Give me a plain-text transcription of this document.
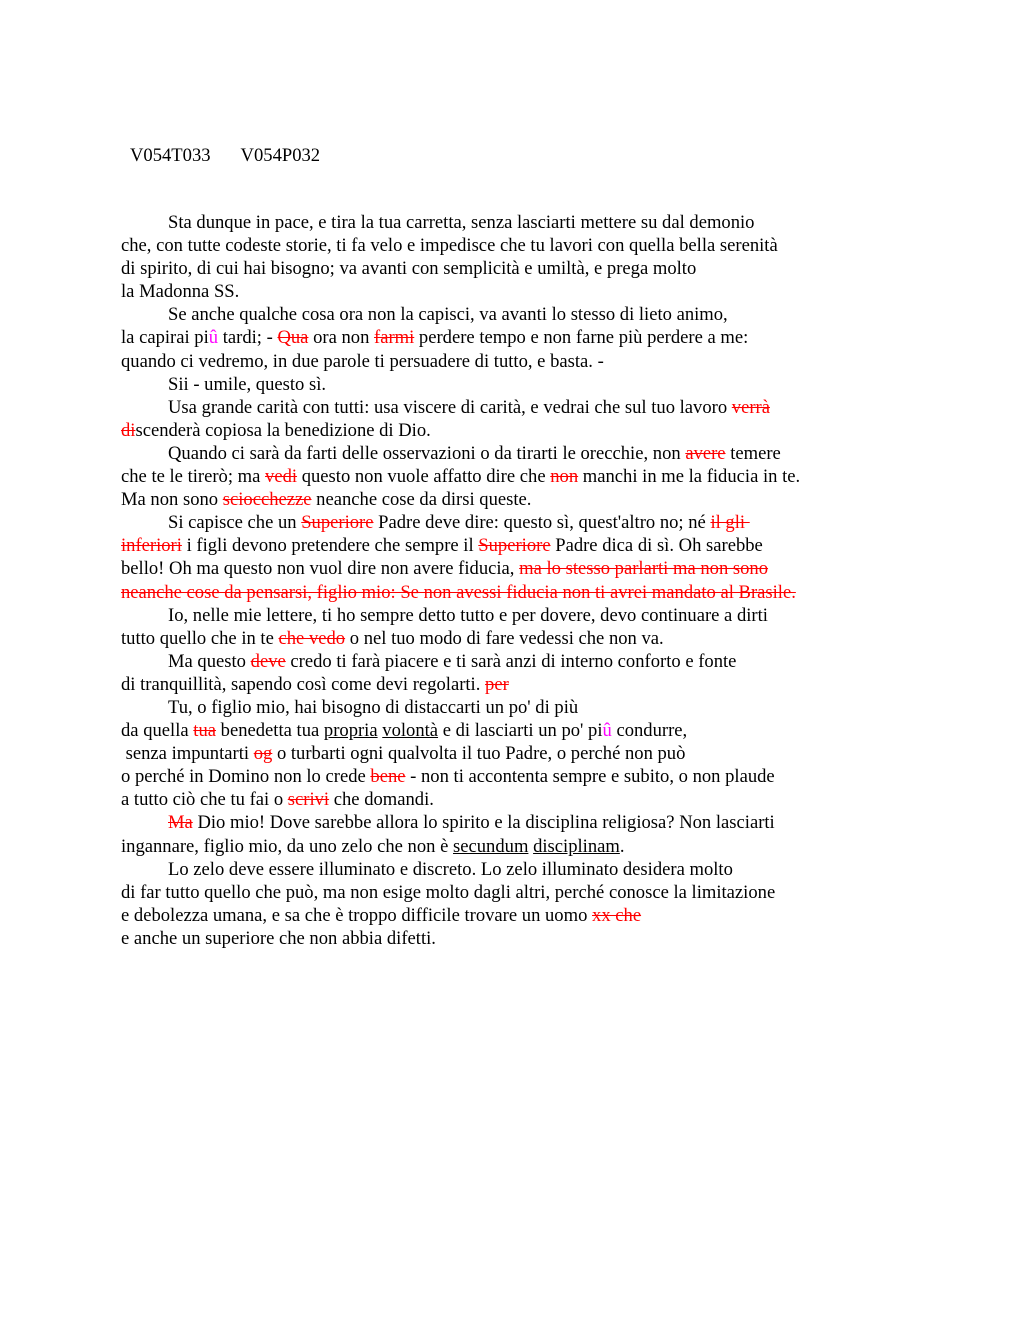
V054T033 V054P032

Sta dunque in pace, e tira la tua carretta, senza lasciarti mettere su dal demonio
che, con tutte codeste storie, ti fa velo e impedisce che tu lavori con quella bella serenità
di spirito, di cui hai bisogno; va avanti con semplicità e umiltà, e prega molto
la Madonna SS.
Se anche qualche cosa ora non la capisci, va avanti lo stesso di lieto animo,
la capirai piû tardi; - Qua ora non farmi perdere tempo e non farne più perdere a me:
quando ci vedremo, in due parole ti persuadere di tutto, e basta. -
Sii - umile, questo sì.
Usa grande carità con tutti: usa viscere di carità, e vedrai che sul tuo lavoro verrà
discenderà copiosa la benedizione di Dio.
Quando ci sarà da farti delle osservazioni o da tirarti le orecchie, non avere temere
che te le tirerò; ma vedi questo non vuole affatto dire che non manchi in me la fiducia in te.
Ma non sono sciocchezze neanche cose da dirsi queste.
Si capisce che un Superiore Padre deve dire: questo sì, quest'altro no; né il gli
inferiori i figli devono pretendere che sempre il Superiore Padre dica di sì. Oh sarebbe
bello! Oh ma questo non vuol dire non avere fiducia, ma lo stesso parlarti ma non sono
neanche cose da pensarsi, figlio mio: Se non avessi fiducia non ti avrei mandato al Brasile.
Io, nelle mie lettere, ti ho sempre detto tutto e per dovere, devo continuare a dirti
tutto quello che in te che vedo o nel tuo modo di fare vedessi che non va.
Ma questo deve credo ti farà piacere e ti sarà anzi di interno conforto e fonte
di tranquillità, sapendo così come devi regolarti. per
Tu, o figlio mio, hai bisogno di distaccarti un po' di più
da quella tua benedetta tua propria volontà e di lasciarti un po' piû condurre,
senza impuntarti og o turbarti ogni qualvolta il tuo Padre, o perché non può
o perché in Domino non lo crede bene - non ti accontenta sempre e subito, o non plaude
a tutto ciò che tu fai o scrivi che domandi.
Ma Dio mio! Dove sarebbe allora lo spirito e la disciplina religiosa? Non lasciarti
ingannare, figlio mio, da uno zelo che non è secundum disciplinam.
Lo zelo deve essere illuminato e discreto. Lo zelo illuminato desidera molto
di far tutto quello che può, ma non esige molto dagli altri, perché conosce la limitazione
e debolezza umana, e sa che è troppo difficile trovare un uomo xx che
e anche un superiore che non abbia difetti.
